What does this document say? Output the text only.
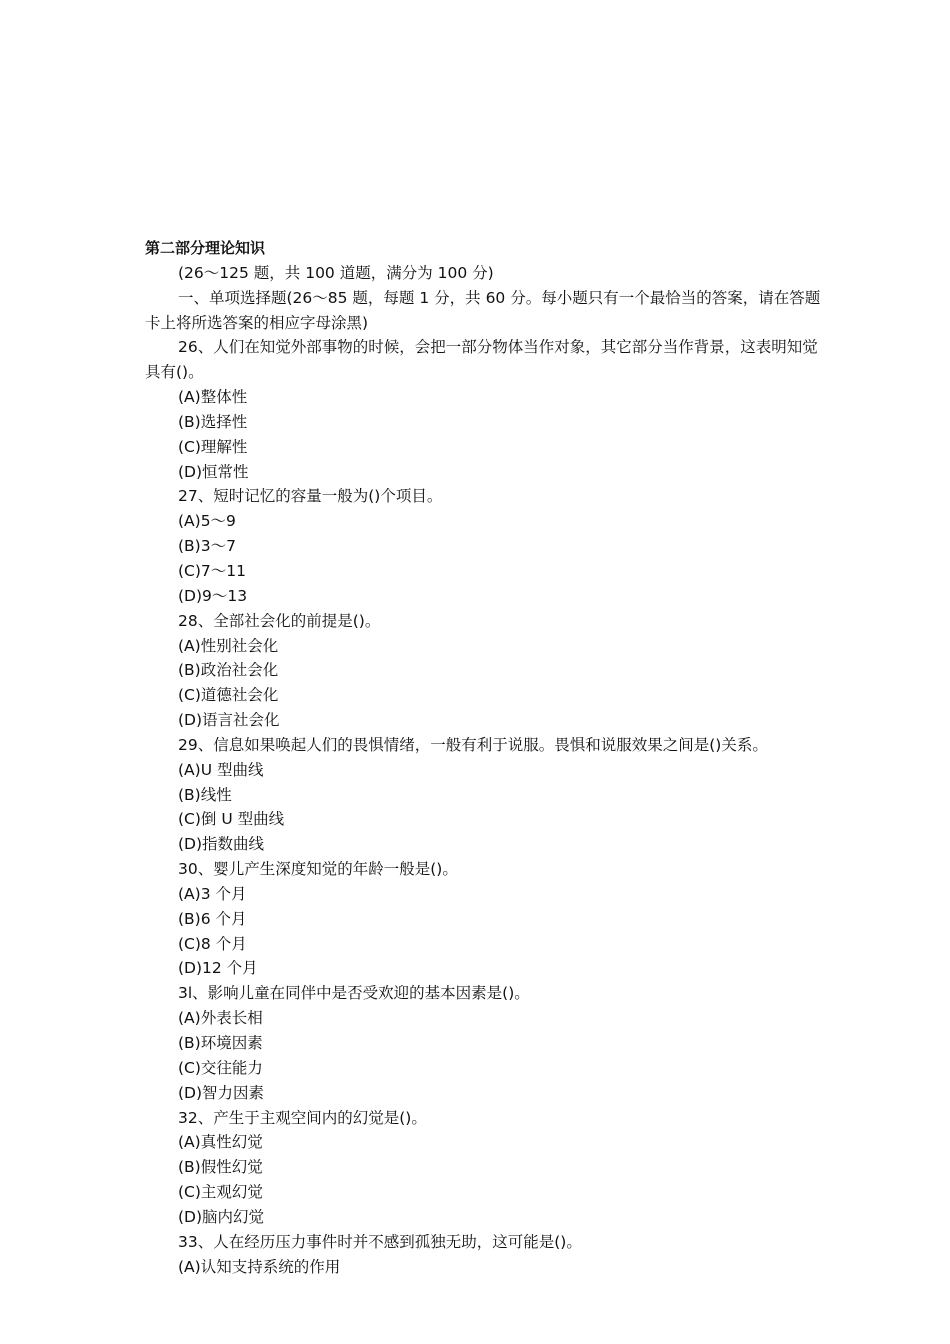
第二部分理论知识
(26～125 题，共 100 道题，满分为 100 分)
一、单项选择题(26～85 题，每题 1 分，共 60 分。每小题只有一个最恰当的答案，请在答题卡上将所选答案的相应字母涂黑)
26、人们在知觉外部事物的时候，会把一部分物体当作对象，其它部分当作背景，这表明知觉具有()。
(A)整体性
(B)选择性
(C)理解性
(D)恒常性
27、短时记忆的容量一般为()个项目。
(A)5～9
(B)3～7
(C)7～11
(D)9～13
28、全部社会化的前提是()。
(A)性别社会化
(B)政治社会化
(C)道德社会化
(D)语言社会化
29、信息如果唤起人们的畏惧情绪，一般有利于说服。畏惧和说服效果之间是()关系。
(A)U 型曲线
(B)线性
(C)倒 U 型曲线
(D)指数曲线
30、婴儿产生深度知觉的年龄一般是()。
(A)3 个月
(B)6 个月
(C)8 个月
(D)12 个月
3l、影响儿童在同伴中是否受欢迎的基本因素是()。
(A)外表长相
(B)环境因素
(C)交往能力
(D)智力因素
32、产生于主观空间内的幻觉是()。
(A)真性幻觉
(B)假性幻觉
(C)主观幻觉
(D)脑内幻觉
33、人在经历压力事件时并不感到孤独无助，这可能是()。
(A)认知支持系统的作用
